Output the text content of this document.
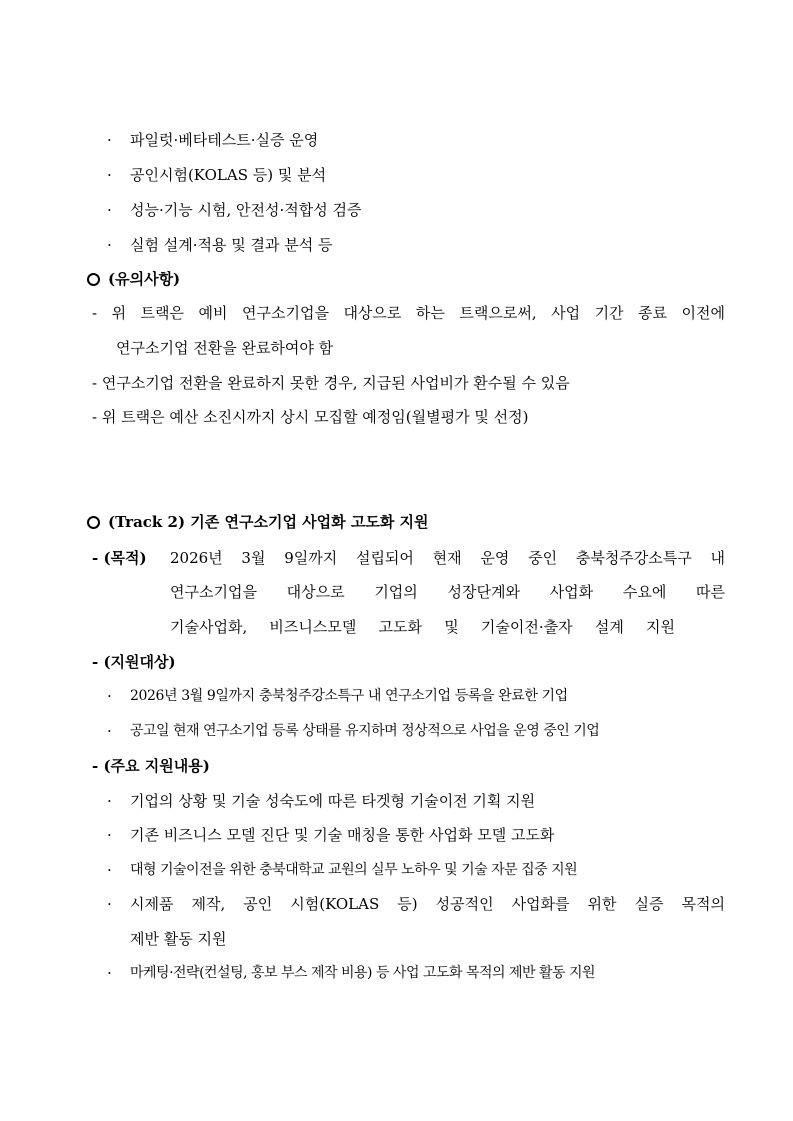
· 파일럿·베타테스트·실증 운영
· 공인시험(KOLAS 등) 및 분석
· 성능·기능 시험, 안전성·적합성 검증
· 실험 설계·적용 및 결과 분석 등
(유의사항)
- 위 트랙은 예비 연구소기업을 대상으로 하는 트랙으로써, 사업 기간 종료 이전에
연구소기업 전환을 완료하여야 함
- 연구소기업 전환을 완료하지 못한 경우, 지급된 사업비가 환수될 수 있음
- 위 트랙은 예산 소진시까지 상시 모집할 예정임(월별평가 및 선정)
(Track 2) 기존 연구소기업 사업화 고도화 지원
- (목적) 2026년 3월 9일까지 설립되어 현재 운영 중인 충북청주강소특구 내
연구소기업을 대상으로 기업의 성장단계와 사업화 수요에 따른
기술사업화, 비즈니스모델 고도화 및 기술이전·출자 설계 지원
- (지원대상)
· 2026년 3월 9일까지 충북청주강소특구 내 연구소기업 등록을 완료한 기업
· 공고일 현재 연구소기업 등록 상태를 유지하며 정상적으로 사업을 운영 중인 기업
- (주요 지원내용)
· 기업의 상황 및 기술 성숙도에 따른 타겟형 기술이전 기획 지원
· 기존 비즈니스 모델 진단 및 기술 매칭을 통한 사업화 모델 고도화
· 대형 기술이전을 위한 충북대학교 교원의 실무 노하우 및 기술 자문 집중 지원
· 시제품 제작, 공인 시험(KOLAS 등) 성공적인 사업화를 위한 실증 목적의
제반 활동 지원
· 마케팅·전략(컨설팅, 홍보 부스 제작 비용) 등 사업 고도화 목적의 제반 활동 지원
